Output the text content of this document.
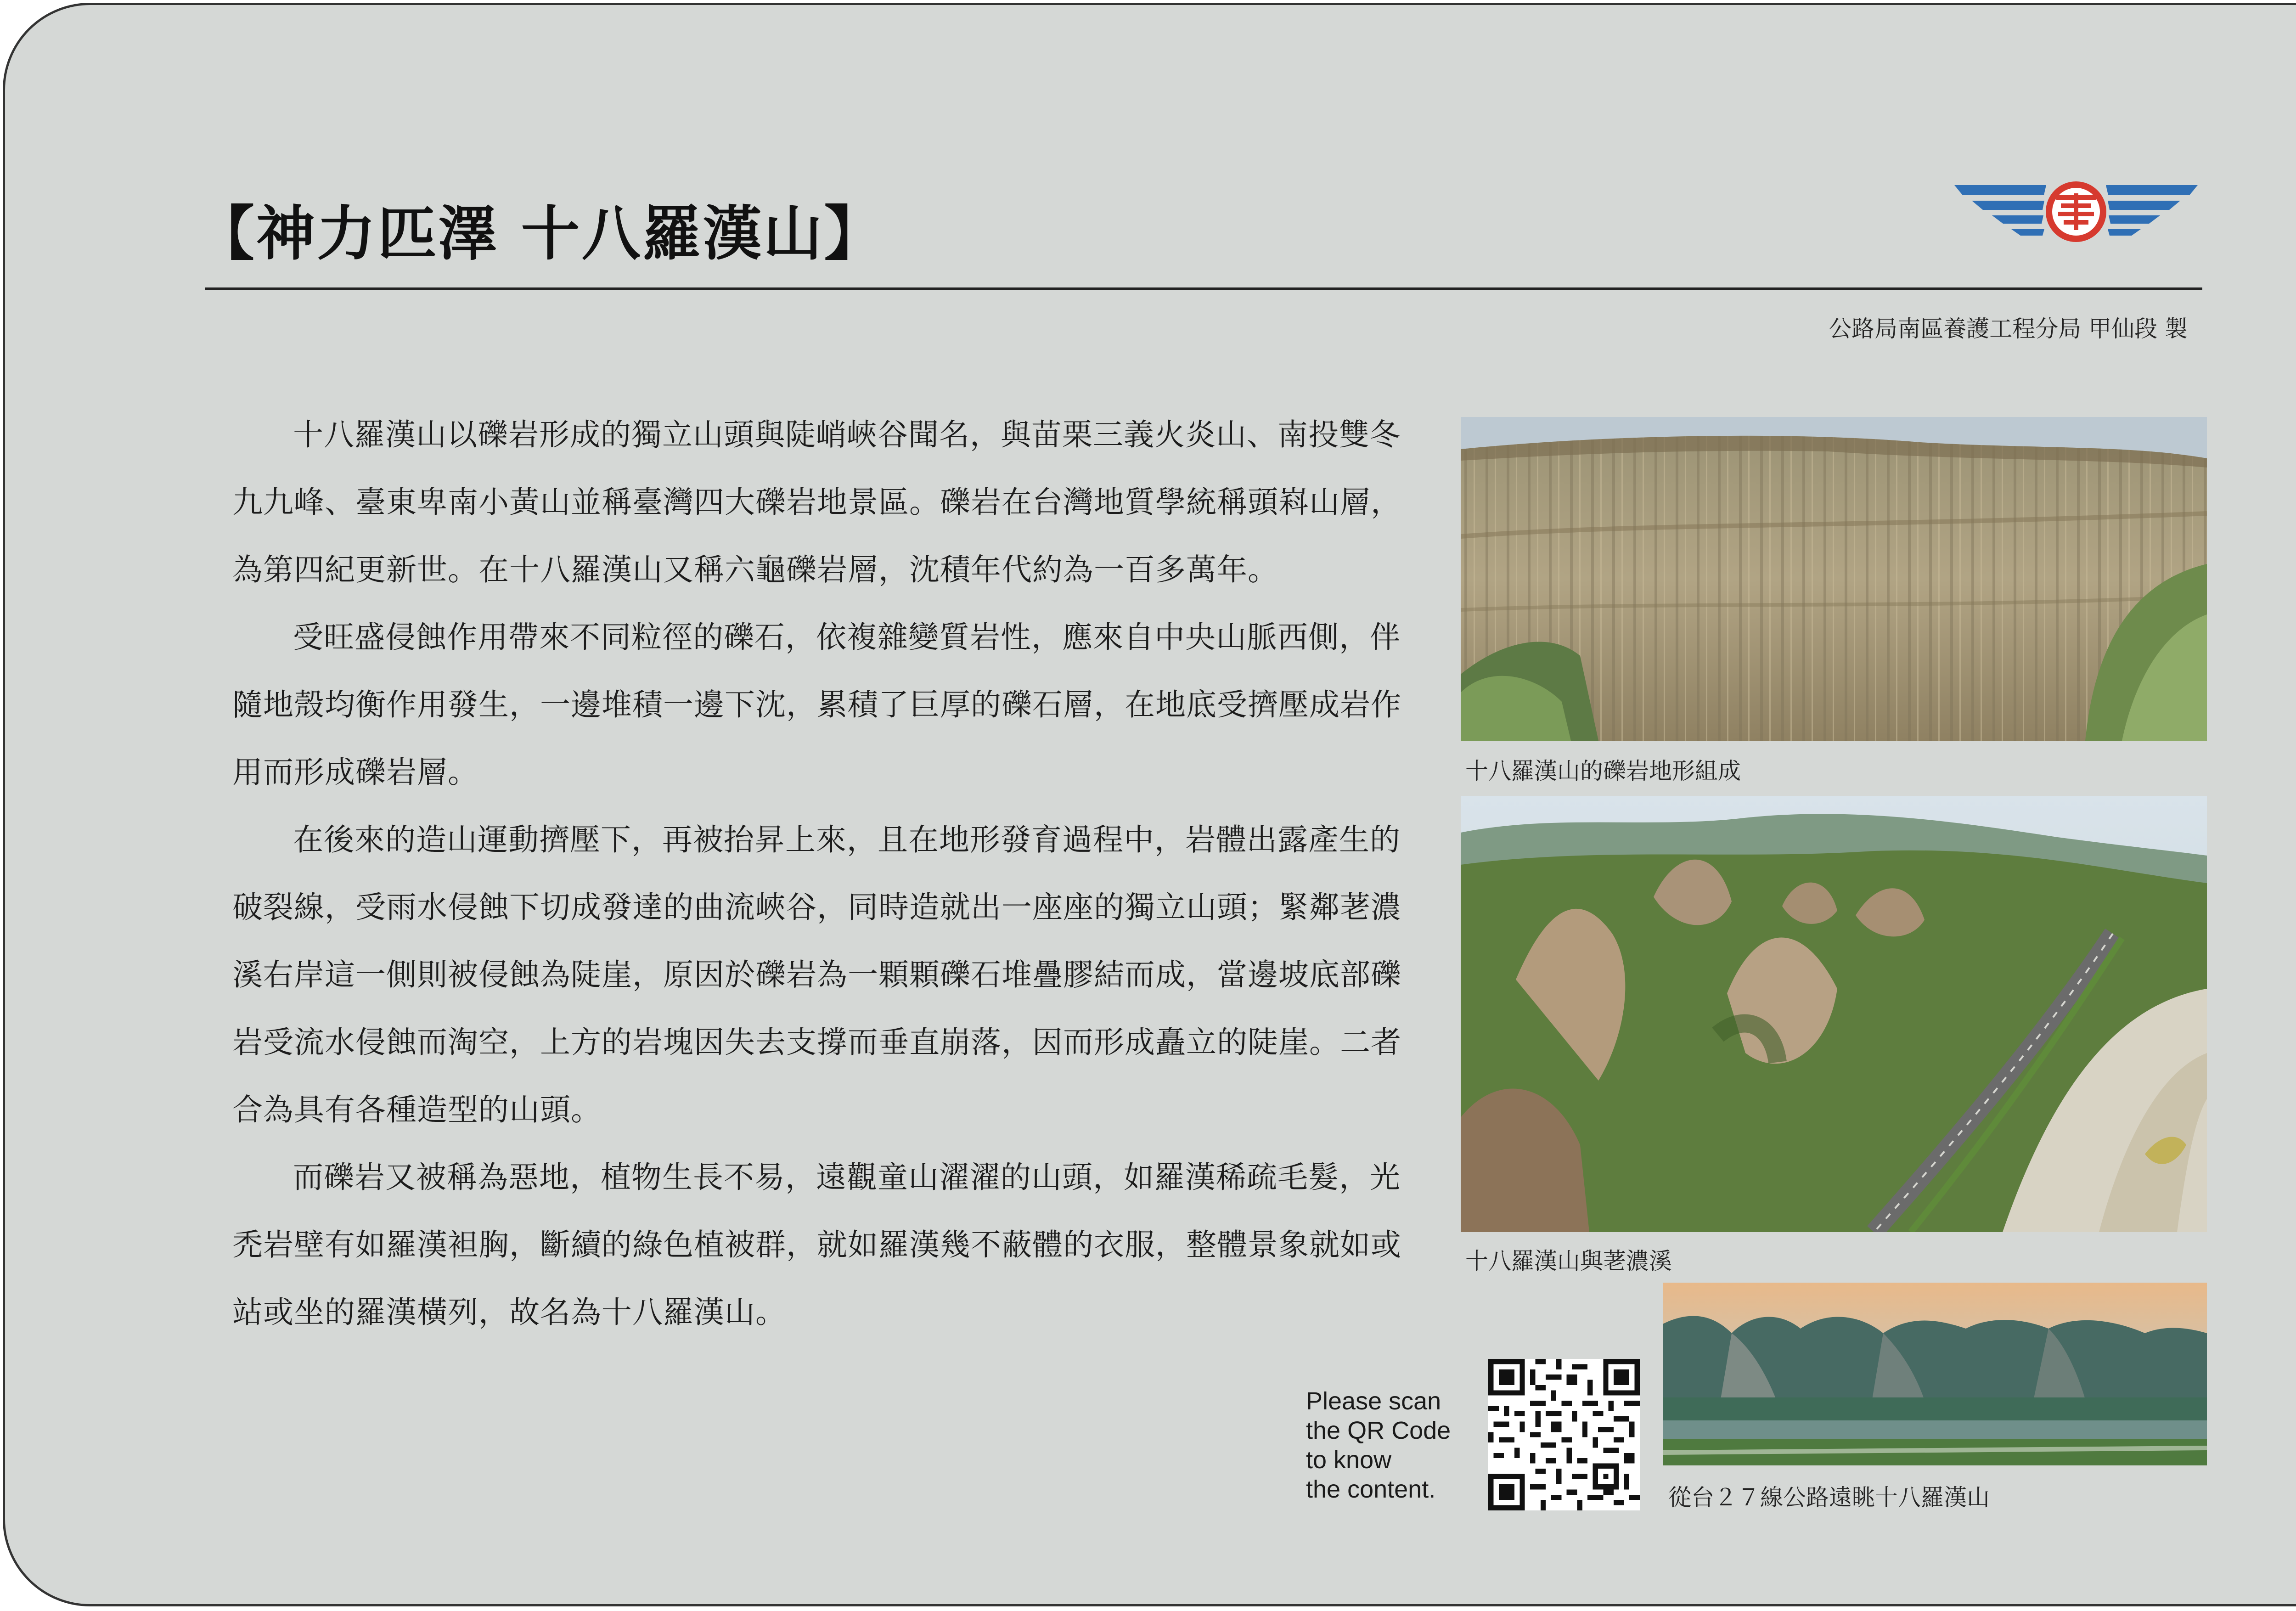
【神力匹澤 十八羅漢山】
公路局南區養護工程分局 甲仙段 製

十八羅漢山以礫岩形成的獨立山頭與陡峭峽谷聞名，與苗栗三義火炎山、南投雙冬九九峰、臺東卑南小黃山並稱臺灣四大礫岩地景區。礫岩在台灣地質學統稱頭嵙山層，為第四紀更新世。在十八羅漢山又稱六龜礫岩層，沈積年代約為一百多萬年。

受旺盛侵蝕作用帶來不同粒徑的礫石，依複雜變質岩性，應來自中央山脈西側，伴隨地殼均衡作用發生，一邊堆積一邊下沈，累積了巨厚的礫石層，在地底受擠壓成岩作用而形成礫岩層。

在後來的造山運動擠壓下，再被抬昇上來，且在地形發育過程中，岩體出露產生的破裂線，受雨水侵蝕下切成發達的曲流峽谷，同時造就出一座座的獨立山頭；緊鄰荖濃溪右岸這一側則被侵蝕為陡崖，原因於礫岩為一顆顆礫石堆疊膠結而成，當邊坡底部礫岩受流水侵蝕而淘空，上方的岩塊因失去支撐而垂直崩落，因而形成矗立的陡崖。二者合為具有各種造型的山頭。

而礫岩又被稱為惡地，植物生長不易，遠觀童山濯濯的山頭，如羅漢稀疏毛髮，光禿岩壁有如羅漢袒胸，斷續的綠色植被群，就如羅漢幾不蔽體的衣服，整體景象就如或站或坐的羅漢橫列，故名為十八羅漢山。

十八羅漢山的礫岩地形組成
十八羅漢山與荖濃溪
從台２７線公路遠眺十八羅漢山
Please scan
the QR Code
to know
the content.
